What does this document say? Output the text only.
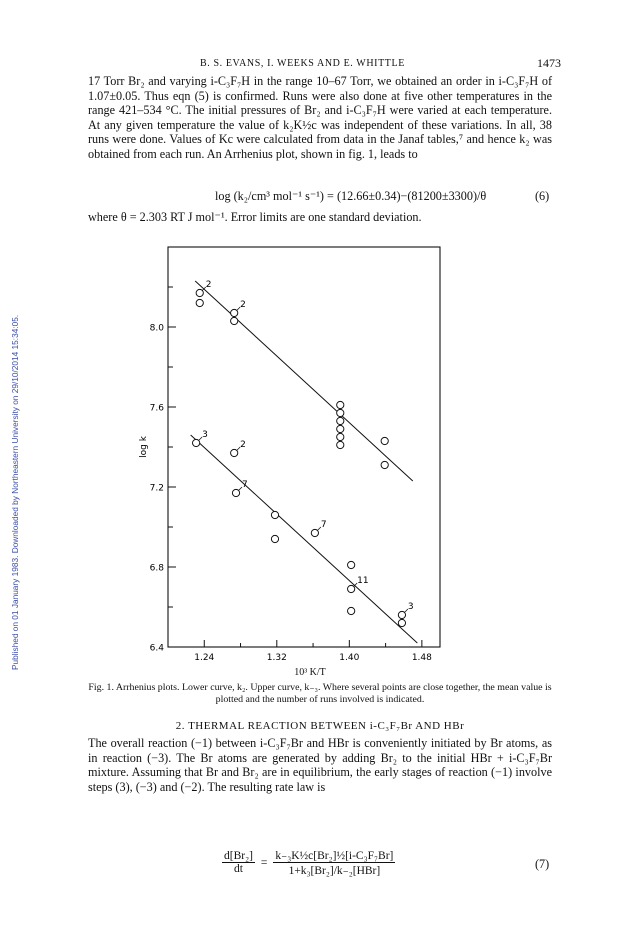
Published on 01 January 1983. Downloaded by Northeastern University on 29/10/2014 15:34:05.
B. S. EVANS, I. WEEKS AND E. WHITTLE	1473
17 Torr Br₂ and varying i-C₃F₇H in the range 10–67 Torr, we obtained an order in i-C₃F₇H of 1.07±0.05. Thus eqn (5) is confirmed. Runs were also done at five other temperatures in the range 421–534 °C. The initial pressures of Br₂ and i-C₃F₇H were varied at each temperature. At any given temperature the value of k₂K½c was independent of these variations. In all, 38 runs were done. Values of Kc were calculated from data in the Janaf tables,⁷ and hence k₂ was obtained from each run. An Arrhenius plot, shown in fig. 1, leads to
log (k₂/cm³ mol⁻¹ s⁻¹) = (12.66±0.34)−(81200±3300)/θ	(6)
where θ = 2.303 RT J mol⁻¹. Error limits are one standard deviation.
6.4
6.8
7.2
7.6
8.0
1.24	1.32	1.40	1.48
2
2
3
2
7
7
11
3
log k
10³ K/T
Fig. 1. Arrhenius plots. Lower curve, k₂. Upper curve, k₋₃. Where several points are close together, the mean value is plotted and the number of runs involved is indicated.
2. THERMAL REACTION BETWEEN i-C₃F₇Br AND HBr
The overall reaction (−1) between i-C₃F₇Br and HBr is conveniently initiated by Br atoms, as in reaction (−3). The Br atoms are generated by adding Br₂ to the initial HBr + i-C₃F₇Br mixture. Assuming that Br and Br₂ are in equilibrium, the early stages of reaction (−1) involve steps (3), (−3) and (−2). The resulting rate law is
$\frac{\text{d[Br₂]}}{dt}$ =
k₋₃K½c[Br₂]½[i-C₃F₇Br]
1+k₃[Br₂]/k₋₂[HBr]	(7)
